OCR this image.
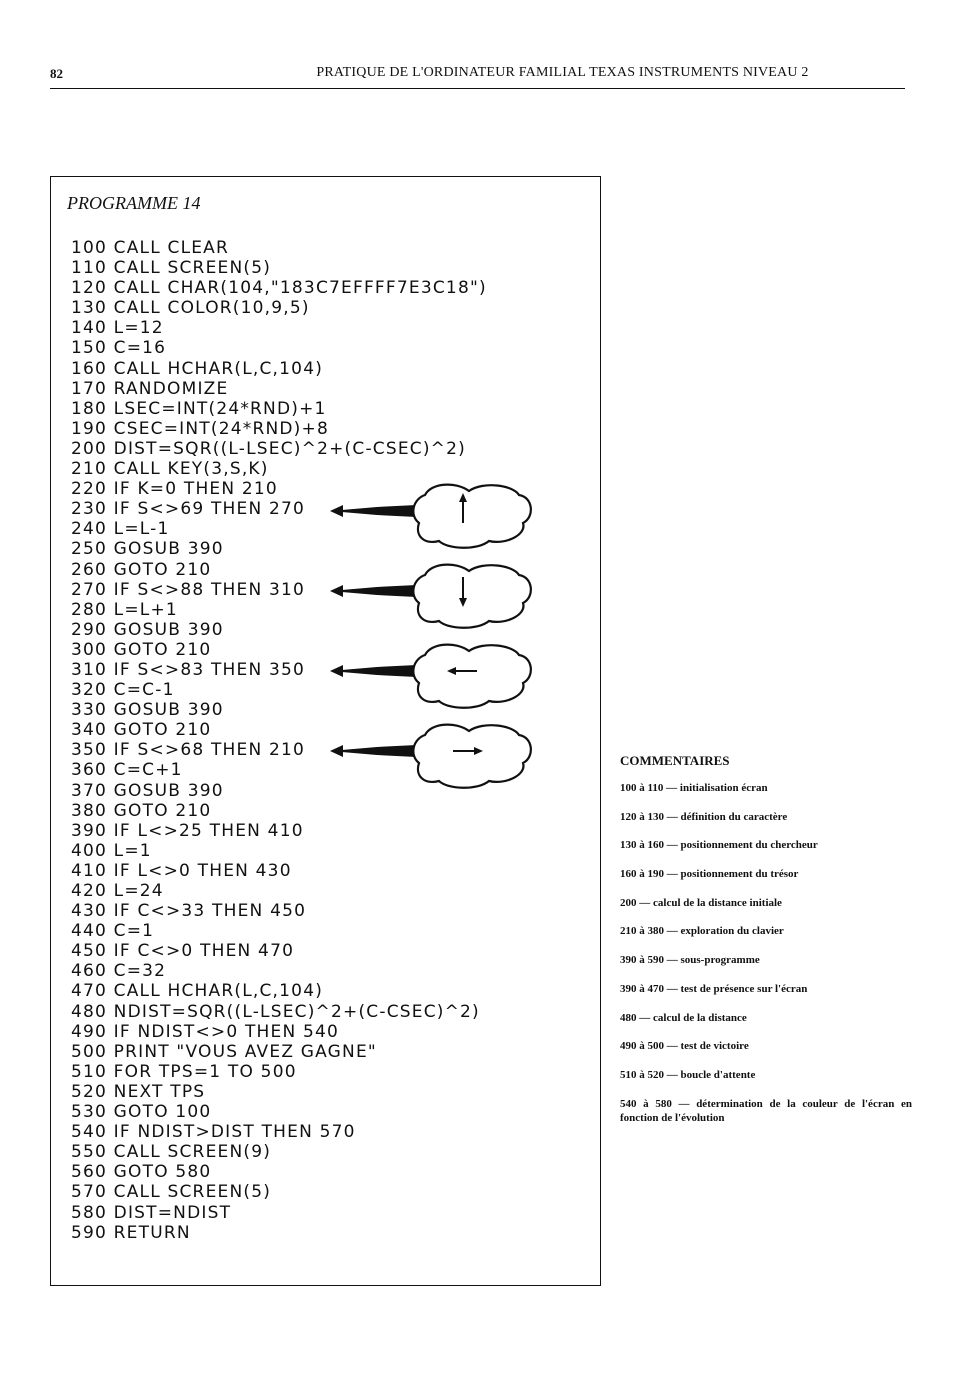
82	PRATIQUE DE L'ORDINATEUR FAMILIAL TEXAS INSTRUMENTS NIVEAU 2
PROGRAMME 14
100 CALL CLEAR
110 CALL SCREEN(5)
120 CALL CHAR(104,"183C7EFFFF7E3C18")
130 CALL COLOR(10,9,5)
140 L=12
150 C=16
160 CALL HCHAR(L,C,104)
170 RANDOMIZE
180 LSEC=INT(24*RND)+1
190 CSEC=INT(24*RND)+8
200 DIST=SQR((L-LSEC)^2+(C-CSEC)^2)
210 CALL KEY(3,S,K)
220 IF K=0 THEN 210
230 IF S<>69 THEN 270
240 L=L-1
250 GOSUB 390
260 GOTO 210
270 IF S<>88 THEN 310
280 L=L+1
290 GOSUB 390
300 GOTO 210
310 IF S<>83 THEN 350
320 C=C-1
330 GOSUB 390
340 GOTO 210
350 IF S<>68 THEN 210
360 C=C+1
370 GOSUB 390
380 GOTO 210
390 IF L<>25 THEN 410
400 L=1
410 IF L<>0 THEN 430
420 L=24
430 IF C<>33 THEN 450
440 C=1
450 IF C<>0 THEN 470
460 C=32
470 CALL HCHAR(L,C,104)
480 NDIST=SQR((L-LSEC)^2+(C-CSEC)^2)
490 IF NDIST<>0 THEN 540
500 PRINT "VOUS AVEZ GAGNE"
510 FOR TPS=1 TO 500
520 NEXT TPS
530 GOTO 100
540 IF NDIST>DIST THEN 570
550 CALL SCREEN(9)
560 GOTO 580
570 CALL SCREEN(5)
580 DIST=NDIST
590 RETURN
COMMENTAIRES
100 à 110 — initialisation écran
120 à 130 — définition du caractère
130 à 160 — positionnement du chercheur
160 à 190 — positionnement du trésor
200 — calcul de la distance initiale
210 à 380 — exploration du clavier
390 à 590 — sous-programme
390 à 470 — test de présence sur l'écran
480 — calcul de la distance
490 à 500 — test de victoire
510 à 520 — boucle d'attente
540 à 580 — détermination de la couleur de l'écran en fonction de l'évolution
